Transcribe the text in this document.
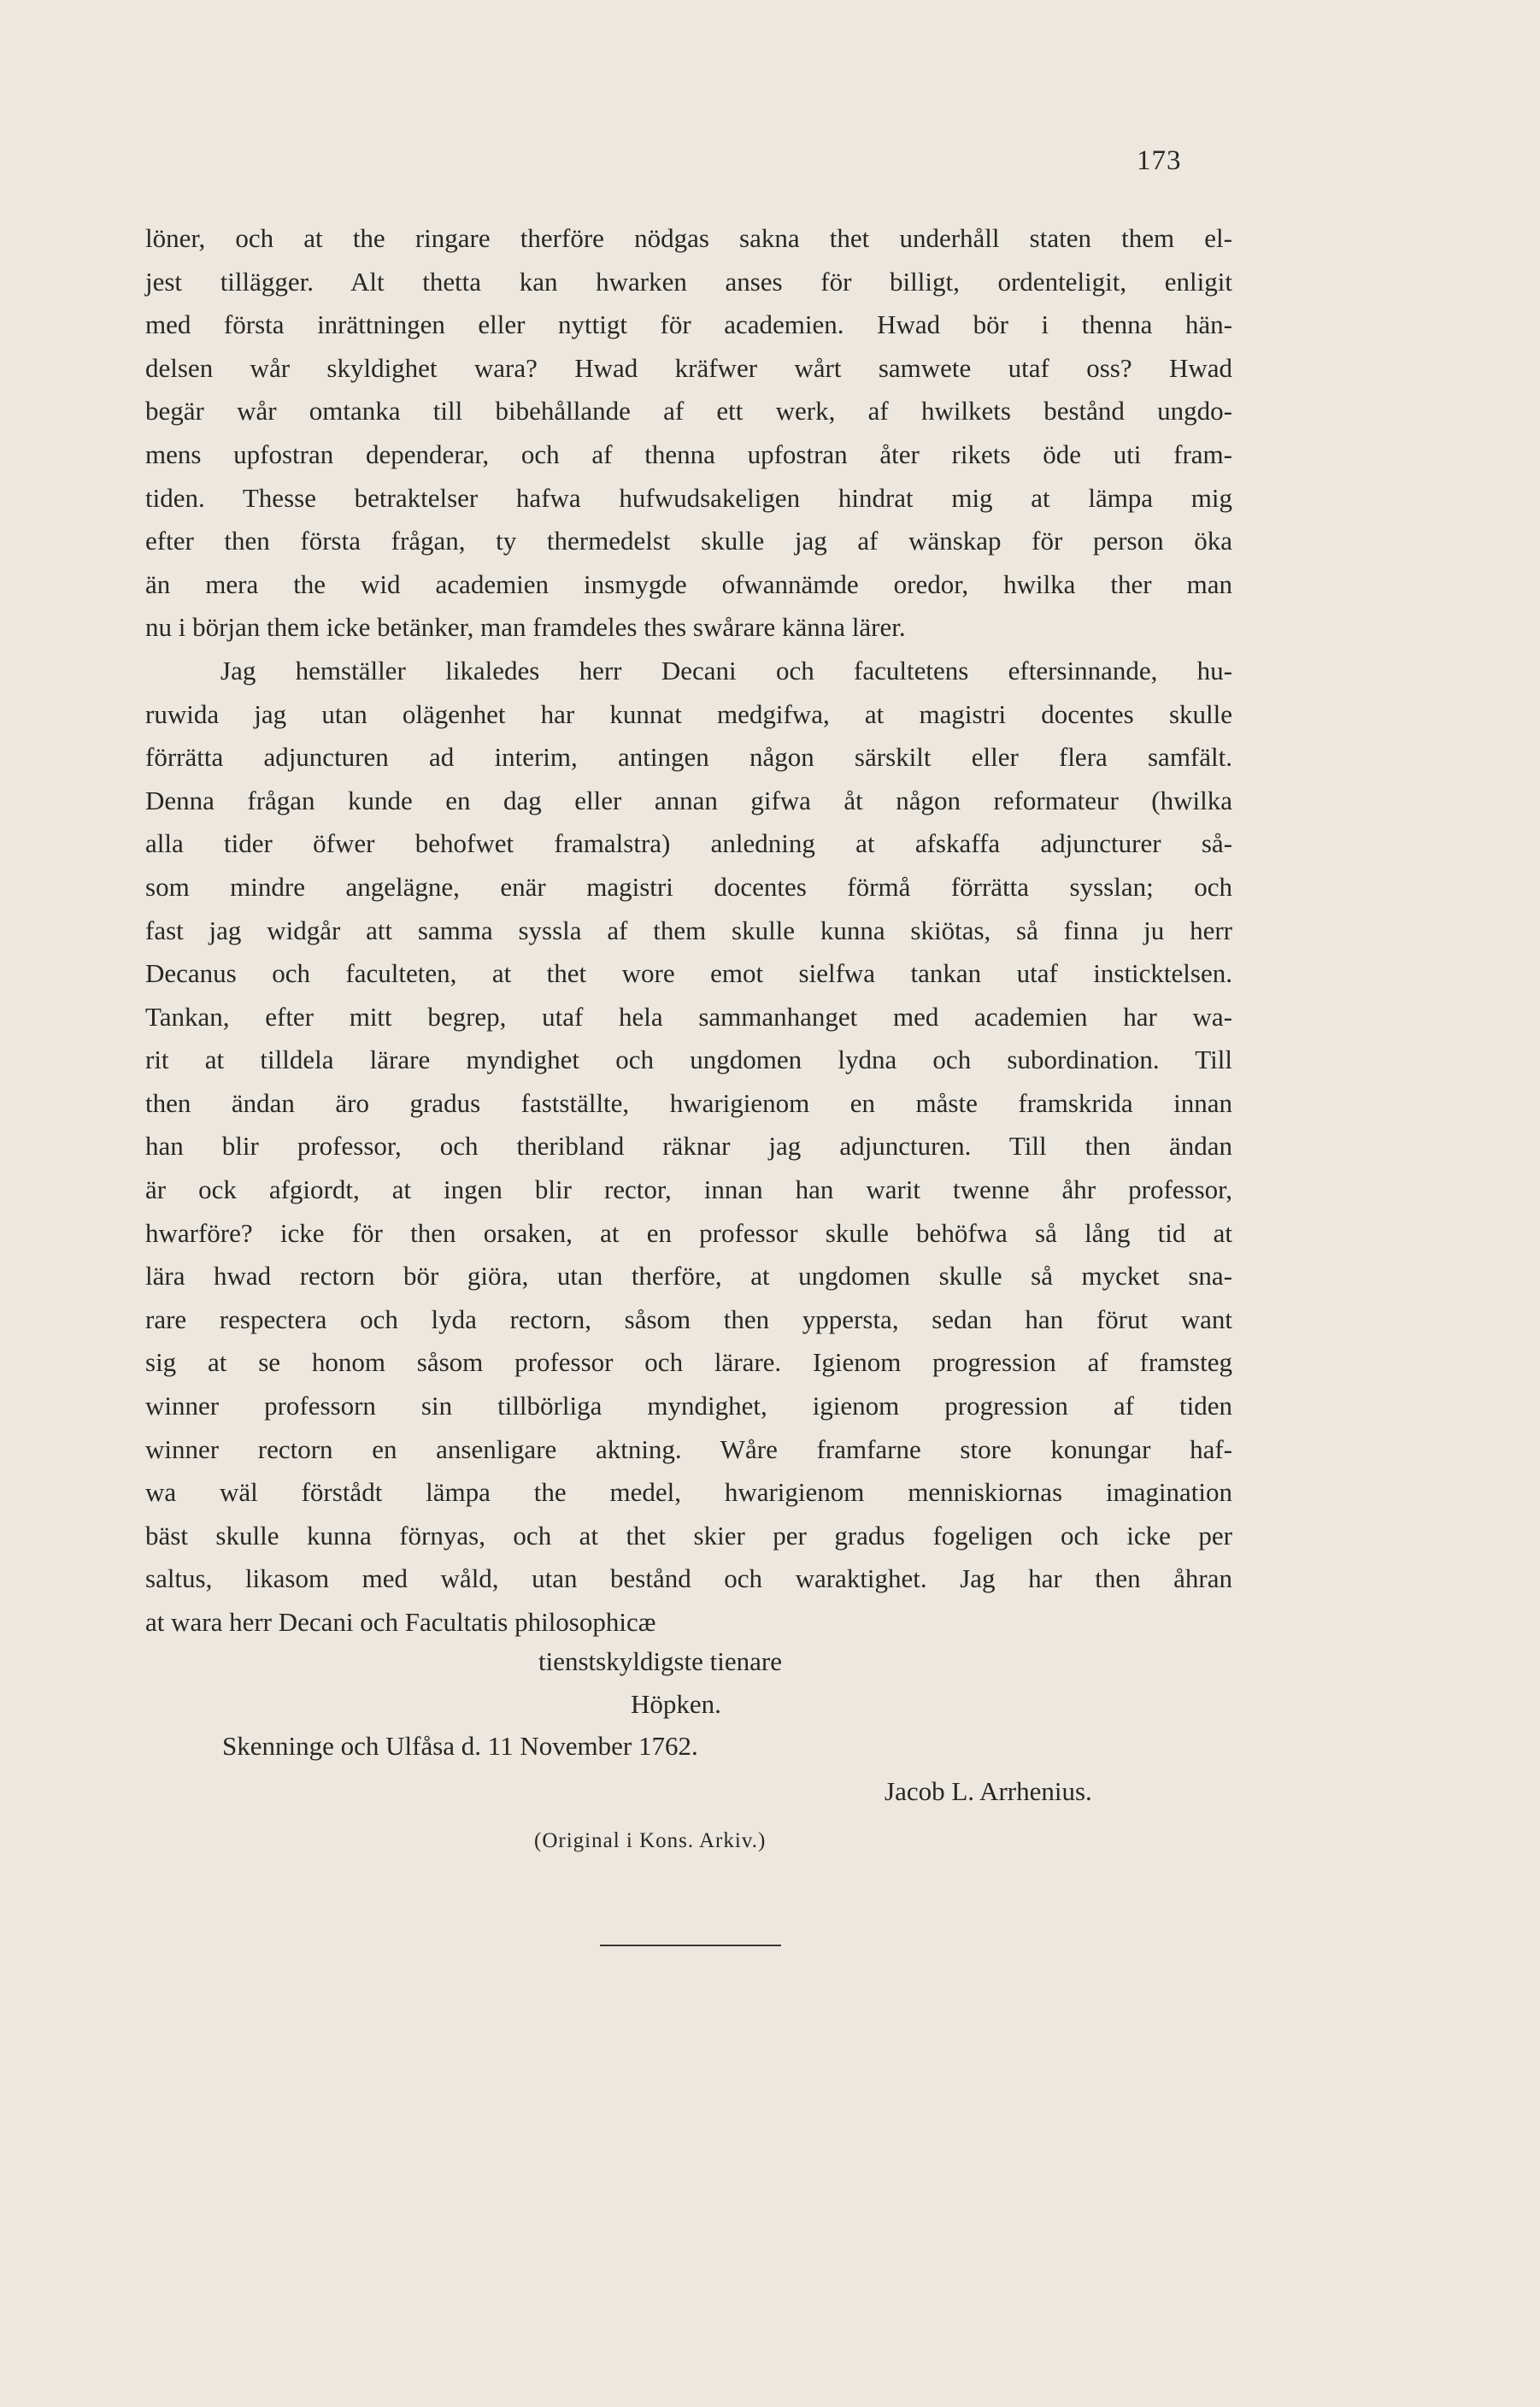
173
löner, och at the ringare therföre nödgas sakna thet underhåll staten them el-
jest tillägger. Alt thetta kan hwarken anses för billigt, ordenteligit, enligit
med första inrättningen eller nyttigt för academien. Hwad bör i thenna hän-
delsen wår skyldighet wara? Hwad kräfwer wårt samwete utaf oss? Hwad
begär wår omtanka till bibehållande af ett werk, af hwilkets bestånd ungdo-
mens upfostran dependerar, och af thenna upfostran åter rikets öde uti fram-
tiden. Thesse betraktelser hafwa hufwudsakeligen hindrat mig at lämpa mig
efter then första frågan, ty thermedelst skulle jag af wänskap för person öka
än mera the wid academien insmygde ofwannämde oredor, hwilka ther man
nu i början them icke betänker, man framdeles thes swårare känna lärer.
Jag hemställer likaledes herr Decani och facultetens eftersinnande, hu-
ruwida jag utan olägenhet har kunnat medgifwa, at magistri docentes skulle
förrätta adjuncturen ad interim, antingen någon särskilt eller flera samfält.
Denna frågan kunde en dag eller annan gifwa åt någon reformateur (hwilka
alla tider öfwer behofwet framalstra) anledning at afskaffa adjuncturer så-
som mindre angelägne, enär magistri docentes förmå förrätta sysslan; och
fast jag widgår att samma syssla af them skulle kunna skiötas, så finna ju herr
Decanus och faculteten, at thet wore emot sielfwa tankan utaf insticktelsen.
Tankan, efter mitt begrep, utaf hela sammanhanget med academien har wa-
rit at tilldela lärare myndighet och ungdomen lydna och subordination. Till
then ändan äro gradus fastställte, hwarigienom en måste framskrida innan
han blir professor, och theribland räknar jag adjuncturen. Till then ändan
är ock afgiordt, at ingen blir rector, innan han warit twenne åhr professor,
hwarföre? icke för then orsaken, at en professor skulle behöfwa så lång tid at
lära hwad rectorn bör giöra, utan therföre, at ungdomen skulle så mycket sna-
rare respectera och lyda rectorn, såsom then yppersta, sedan han förut want
sig at se honom såsom professor och lärare. Igienom progression af framsteg
winner professorn sin tillbörliga myndighet, igienom progression af tiden
winner rectorn en ansenligare aktning. Wåre framfarne store konungar haf-
wa wäl förstådt lämpa the medel, hwarigienom menniskiornas imagination
bäst skulle kunna förnyas, och at thet skier per gradus fogeligen och icke per
saltus, likasom med wåld, utan bestånd och waraktighet. Jag har then åhran
at wara herr Decani och Facultatis philosophicæ
tienstskyldigste tienare
Höpken.
Skenninge och Ulfåsa d. 11 November 1762.
Jacob L. Arrhenius.
(Original i Kons. Arkiv.)
